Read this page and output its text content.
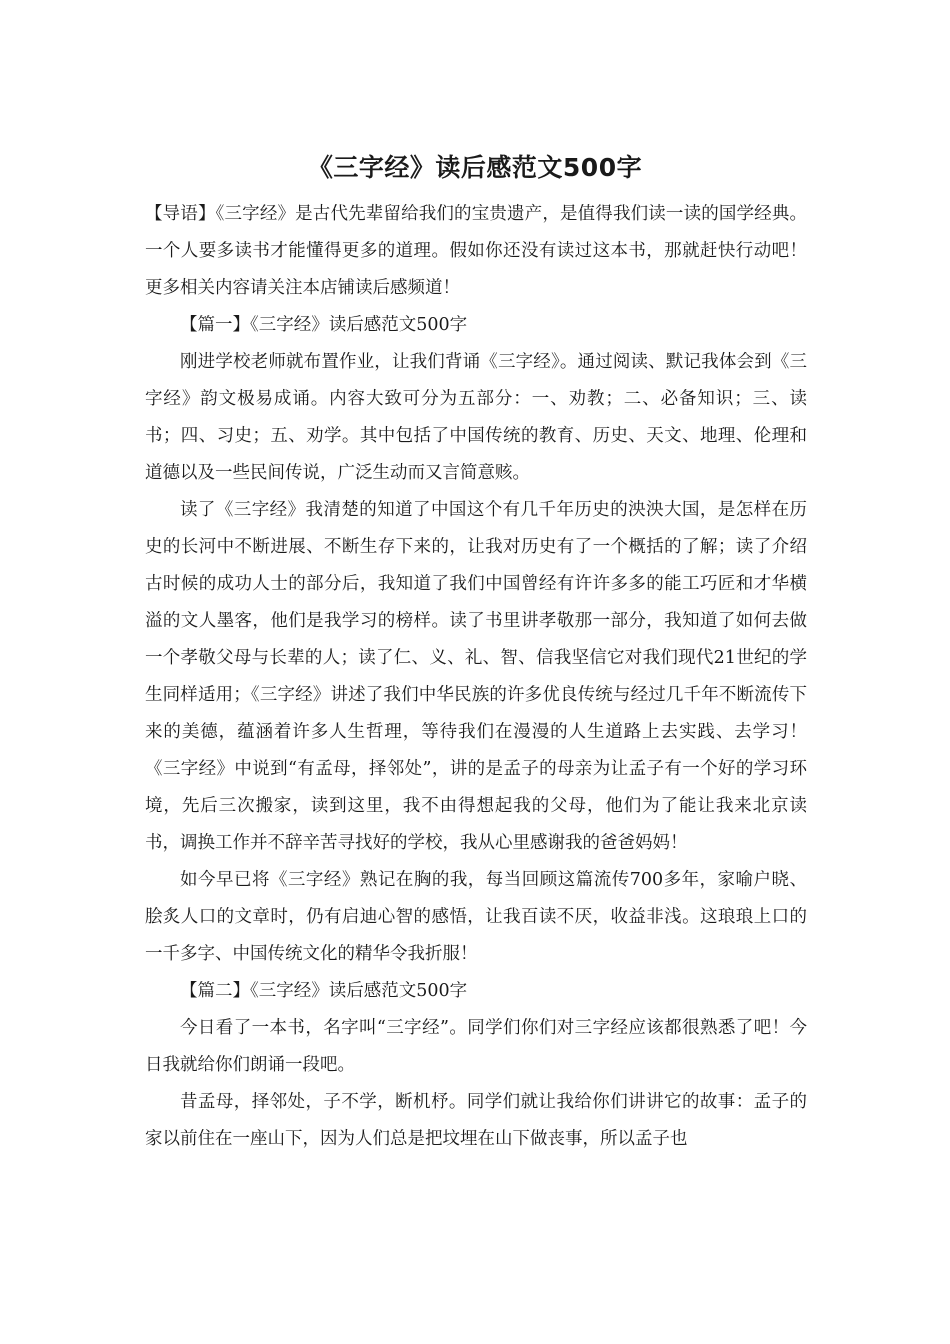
《三字经》读后感范文500字

【导语】《三字经》是古代先辈留给我们的宝贵遗产，是值得我们读一读的国学经典。一个人要多读书才能懂得更多的道理。假如你还没有读过这本书，那就赶快行动吧！更多相关内容请关注本店铺读后感频道！

【篇一】《三字经》读后感范文500字

刚进学校老师就布置作业，让我们背诵《三字经》。通过阅读、默记我体会到《三字经》韵文极易成诵。内容大致可分为五部分：一、劝教；二、必备知识；三、读书；四、习史；五、劝学。其中包括了中国传统的教育、历史、天文、地理、伦理和道德以及一些民间传说，广泛生动而又言简意赅。

读了《三字经》我清楚的知道了中国这个有几千年历史的泱泱大国，是怎样在历史的长河中不断进展、不断生存下来的，让我对历史有了一个概括的了解；读了介绍古时候的成功人士的部分后，我知道了我们中国曾经有许许多多的能工巧匠和才华横溢的文人墨客，他们是我学习的榜样。读了书里讲孝敬那一部分，我知道了如何去做一个孝敬父母与长辈的人；读了仁、义、礼、智、信我坚信它对我们现代21世纪的学生同样适用；《三字经》讲述了我们中华民族的许多优良传统与经过几千年不断流传下来的美德，蕴涵着许多人生哲理，等待我们在漫漫的人生道路上去实践、去学习！《三字经》中说到“有孟母，择邻处”，讲的是孟子的母亲为让孟子有一个好的学习环境，先后三次搬家，读到这里，我不由得想起我的父母，他们为了能让我来北京读书，调换工作并不辞辛苦寻找好的学校，我从心里感谢我的爸爸妈妈！

如今早已将《三字经》熟记在胸的我，每当回顾这篇流传700多年，家喻户晓、脍炙人口的文章时，仍有启迪心智的感悟，让我百读不厌，收益非浅。这琅琅上口的一千多字、中国传统文化的精华令我折服！

【篇二】《三字经》读后感范文500字

今日看了一本书，名字叫“三字经”。同学们你们对三字经应该都很熟悉了吧！今日我就给你们朗诵一段吧。

昔孟母，择邻处，子不学，断机杼。同学们就让我给你们讲讲它的故事：孟子的家以前住在一座山下，因为人们总是把坟埋在山下做丧事，所以孟子也
